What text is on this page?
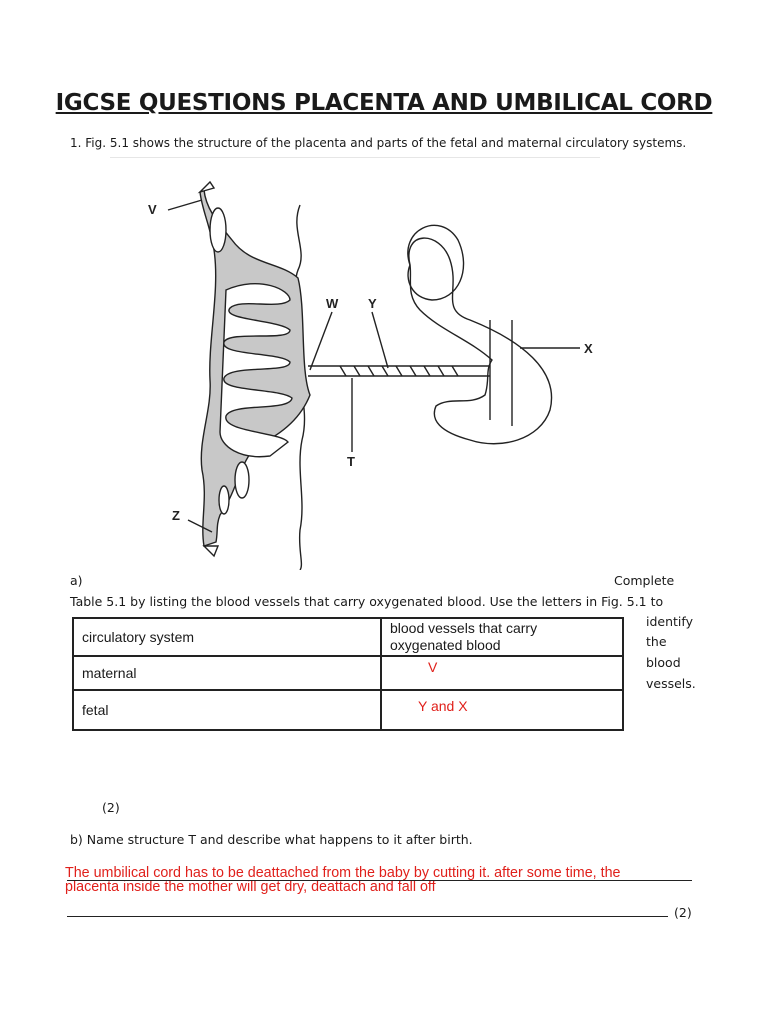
IGCSE QUESTIONS PLACENTA AND UMBILICAL CORD

1. Fig. 5.1 shows the structure of the placenta and parts of the fetal and maternal circulatory systems.

V
W Y
X
T
Z

a)	Complete

Table 5.1 by listing the blood vessels that carry oxygenated blood. Use the letters in Fig. 5.1 to

identify

the

blood

vessels.

circulatory system	blood vessels that carry
oxygenated blood

maternal	V
fetal	Y and X

(2)

b) Name structure T and describe what happens to it after birth.

The umbilical cord has to be deattached from the baby by cutting it. after some time, the
placenta inside the mother will get dry, deattach and fall off

(2)
